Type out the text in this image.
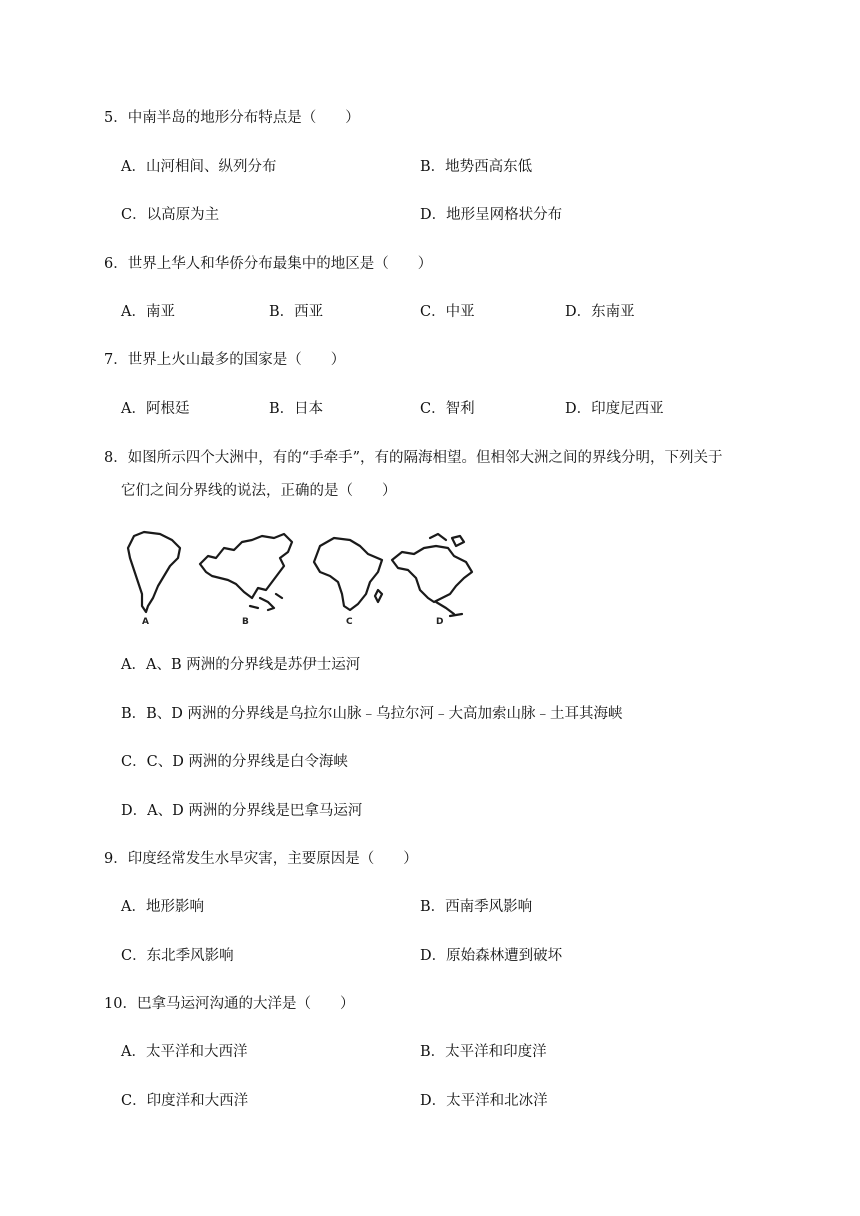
5．中南半岛的地形分布特点是（　　）
A．山河相间、纵列分布	B．地势西高东低
C．以高原为主	D．地形呈网格状分布
6．世界上华人和华侨分布最集中的地区是（　　）
A．南亚	B．西亚	C．中亚	D．东南亚
7．世界上火山最多的国家是（　　）
A．阿根廷	B．日本	C．智利	D．印度尼西亚
8．如图所示四个大洲中，有的“手牵手”，有的隔海相望。但相邻大洲之间的界线分明，下列关于
它们之间分界线的说法，正确的是（　　）
A	B	C	D
A．A、B 两洲的分界线是苏伊士运河
B．B、D 两洲的分界线是乌拉尔山脉﹣乌拉尔河﹣大高加索山脉﹣土耳其海峡
C．C、D 两洲的分界线是白令海峡
D．A、D 两洲的分界线是巴拿马运河
9．印度经常发生水旱灾害，主要原因是（　　）
A．地形影响	B．西南季风影响
C．东北季风影响	D．原始森林遭到破坏
10．巴拿马运河沟通的大洋是（　　）
A．太平洋和大西洋	B．太平洋和印度洋
C．印度洋和大西洋	D．太平洋和北冰洋
